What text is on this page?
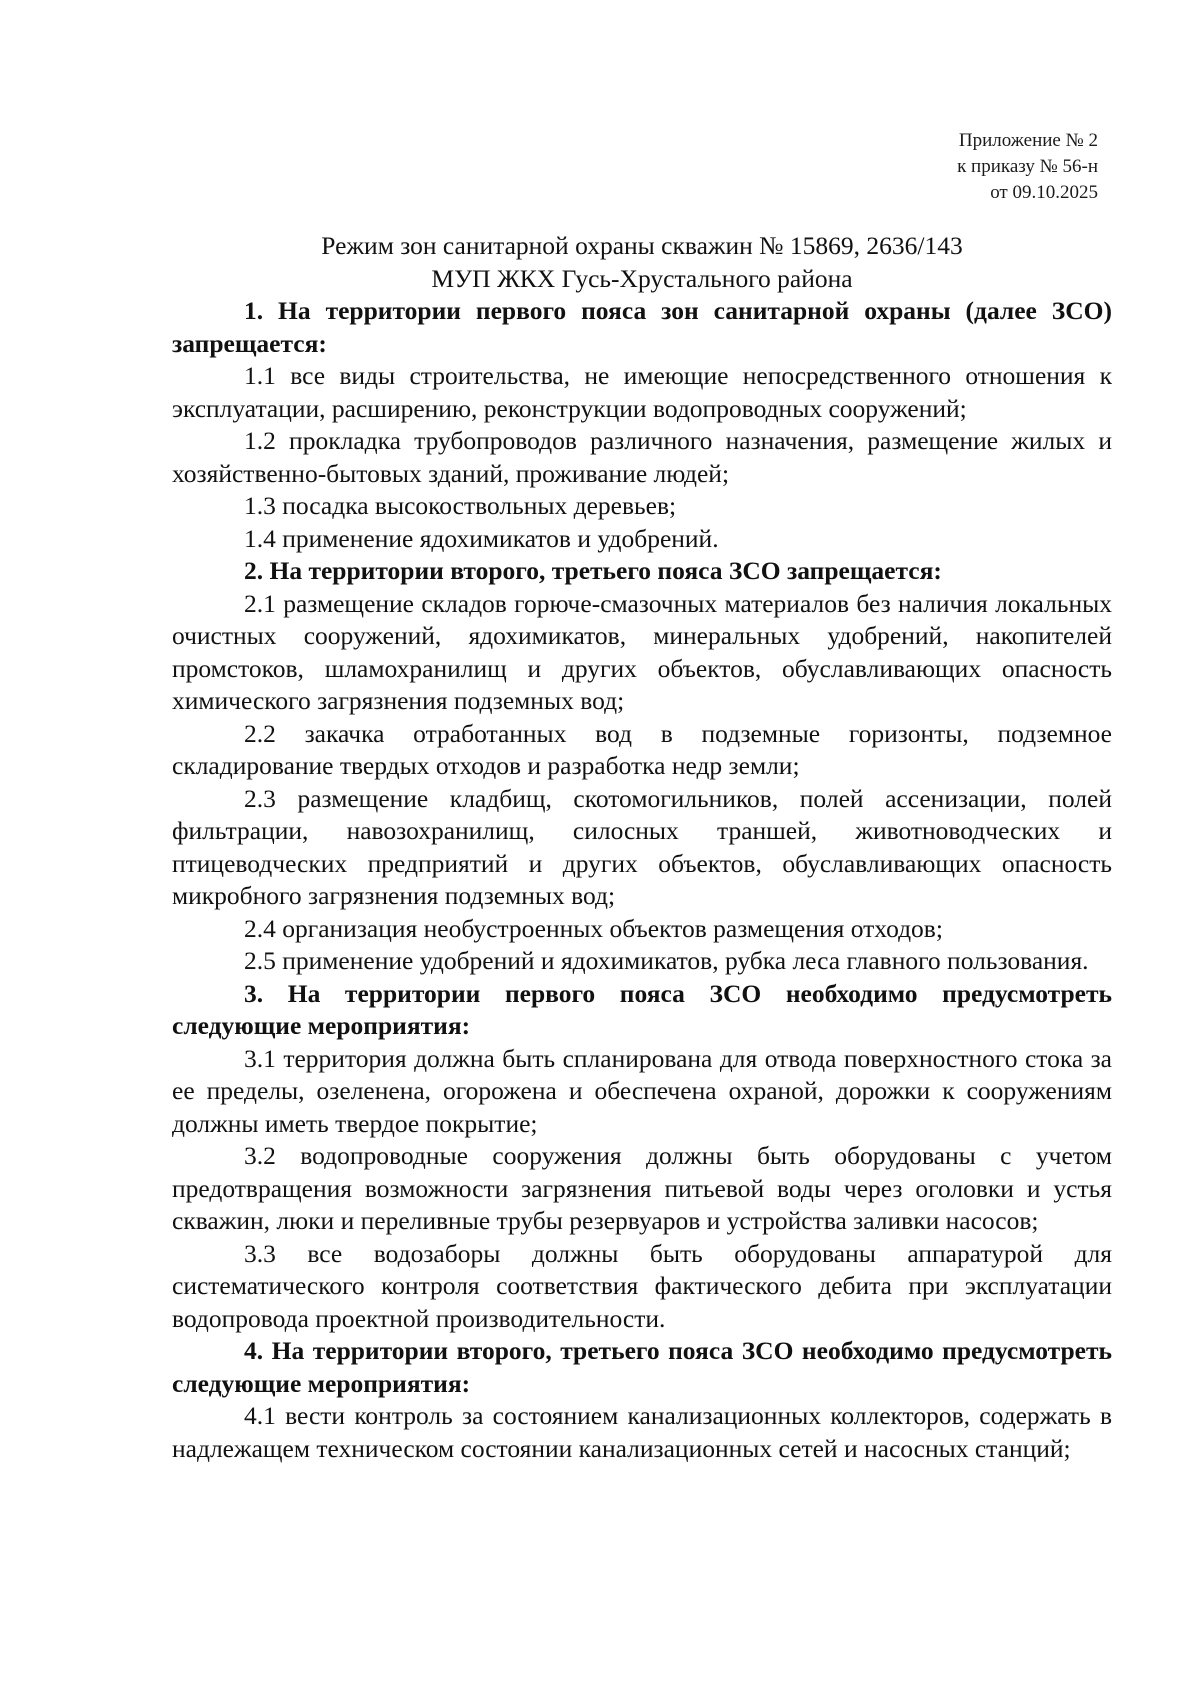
Приложение № 2
к приказу № 56-н
от 09.10.2025
Режим зон санитарной охраны скважин № 15869, 2636/143
МУП ЖКХ Гусь-Хрустального района

1. На территории первого пояса зон санитарной охраны (далее ЗСО) запрещается:

1.1 все виды строительства, не имеющие непосредственного отношения к эксплуатации, расширению, реконструкции водопроводных сооружений;

1.2 прокладка трубопроводов различного назначения, размещение жилых и хозяйственно-бытовых зданий, проживание людей;

1.3 посадка высокоствольных деревьев;

1.4 применение ядохимикатов и удобрений.

2. На территории второго, третьего пояса ЗСО запрещается:

2.1 размещение складов горюче-смазочных материалов без наличия локальных очистных сооружений, ядохимикатов, минеральных удобрений, накопителей промстоков, шламохранилищ и других объектов, обуславливающих опасность химического загрязнения подземных вод;

2.2 закачка отработанных вод в подземные горизонты, подземное складирование твердых отходов и разработка недр земли;

2.3 размещение кладбищ, скотомогильников, полей ассенизации, полей фильтрации, навозохранилищ, силосных траншей, животноводческих и птицеводческих предприятий и других объектов, обуславливающих опасность микробного загрязнения подземных вод;

2.4 организация необустроенных объектов размещения отходов;

2.5 применение удобрений и ядохимикатов, рубка леса главного пользования.

3. На территории первого пояса ЗСО необходимо предусмотреть следующие мероприятия:

3.1 территория должна быть спланирована для отвода поверхностного стока за ее пределы, озеленена, огорожена и обеспечена охраной, дорожки к сооружениям должны иметь твердое покрытие;

3.2 водопроводные сооружения должны быть оборудованы с учетом предотвращения возможности загрязнения питьевой воды через оголовки и устья скважин, люки и переливные трубы резервуаров и устройства заливки насосов;

3.3 все водозаборы должны быть оборудованы аппаратурой для систематического контроля соответствия фактического дебита при эксплуатации водопровода проектной производительности.

4. На территории второго, третьего пояса ЗСО необходимо предусмотреть следующие мероприятия:

4.1 вести контроль за состоянием канализационных коллекторов, содержать в надлежащем техническом состоянии канализационных сетей и насосных станций;
